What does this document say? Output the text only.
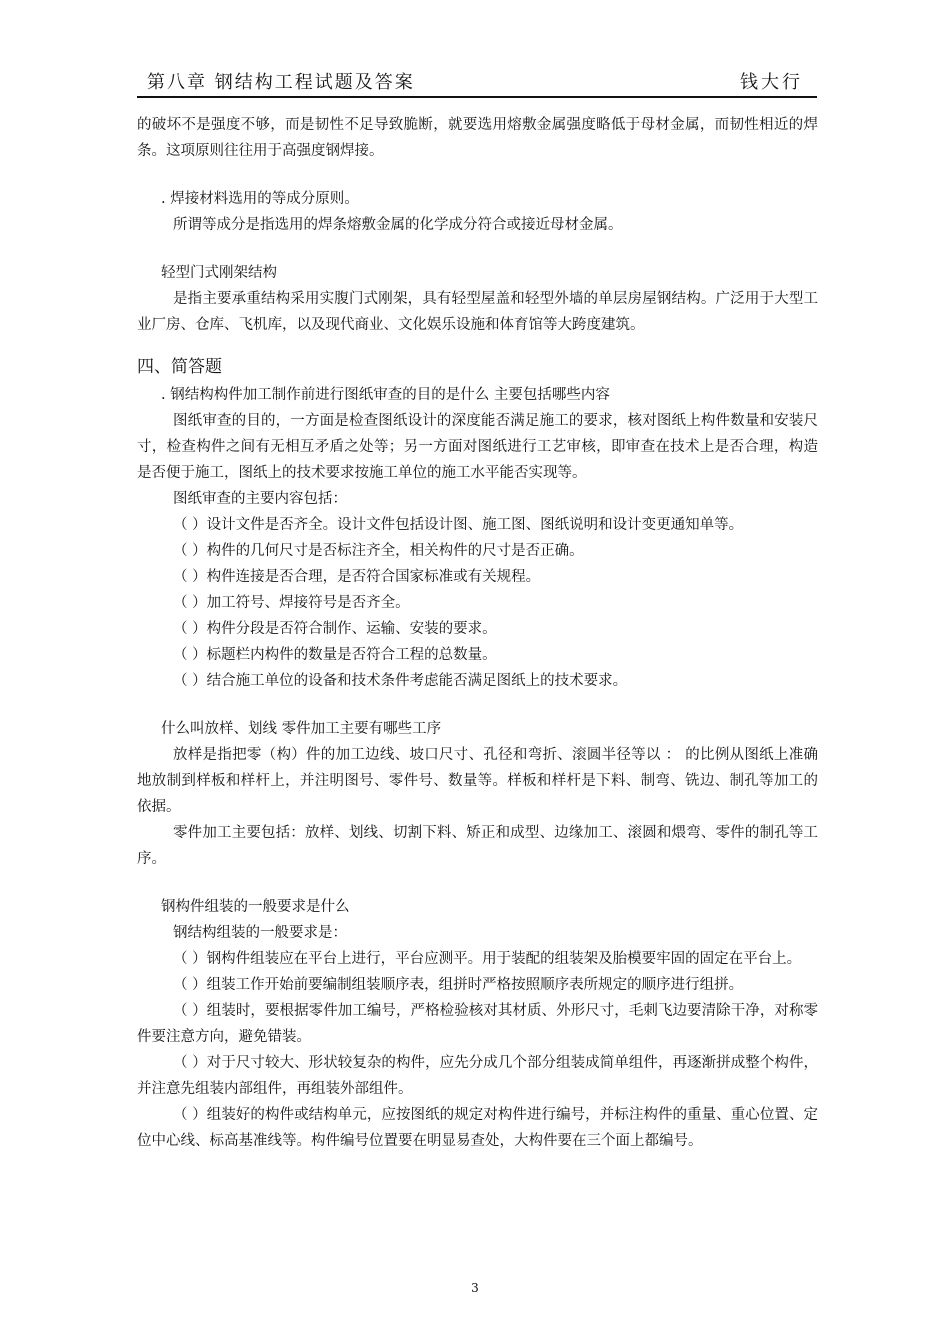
第八章 钢结构工程试题及答案	钱大行

的破坏不是强度不够，而是韧性不足导致脆断，就要选用熔敷金属强度略低于母材金属，而韧性相近的焊条。这项原则往往用于高强度钢焊接。

. 焊接材料选用的等成分原则。

所谓等成分是指选用的焊条熔敷金属的化学成分符合或接近母材金属。

轻型门式刚架结构

是指主要承重结构采用实腹门式刚架，具有轻型屋盖和轻型外墙的单层房屋钢结构。广泛用于大型工业厂房、仓库、飞机库，以及现代商业、文化娱乐设施和体育馆等大跨度建筑。

四、简答题

. 钢结构构件加工制作前进行图纸审查的目的是什么 主要包括哪些内容

图纸审查的目的，一方面是检查图纸设计的深度能否满足施工的要求，核对图纸上构件数量和安装尺寸，检查构件之间有无相互矛盾之处等；另一方面对图纸进行工艺审核，即审查在技术上是否合理，构造是否便于施工，图纸上的技术要求按施工单位的施工水平能否实现等。

图纸审查的主要内容包括：

（ ）设计文件是否齐全。设计文件包括设计图、施工图、图纸说明和设计变更通知单等。

（ ）构件的几何尺寸是否标注齐全，相关构件的尺寸是否正确。

（ ）构件连接是否合理，是否符合国家标准或有关规程。

（ ）加工符号、焊接符号是否齐全。

（ ）构件分段是否符合制作、运输、安装的要求。

（ ）标题栏内构件的数量是否符合工程的总数量。

（ ）结合施工单位的设备和技术条件考虑能否满足图纸上的技术要求。

什么叫放样、划线 零件加工主要有哪些工序

放样是指把零（构）件的加工边线、坡口尺寸、孔径和弯折、滚圆半径等以 ： 的比例从图纸上准确地放制到样板和样杆上，并注明图号、零件号、数量等。样板和样杆是下料、制弯、铣边、制孔等加工的依据。

零件加工主要包括：放样、划线、切割下料、矫正和成型、边缘加工、滚圆和煨弯、零件的制孔等工序。

钢构件组装的一般要求是什么

钢结构组装的一般要求是：

（ ）钢构件组装应在平台上进行，平台应测平。用于装配的组装架及胎模要牢固的固定在平台上。

（ ）组装工作开始前要编制组装顺序表，组拼时严格按照顺序表所规定的顺序进行组拼。

（ ）组装时，要根据零件加工编号，严格检验核对其材质、外形尺寸，毛刺飞边要清除干净，对称零件要注意方向，避免错装。

（ ）对于尺寸较大、形状较复杂的构件，应先分成几个部分组装成简单组件，再逐渐拼成整个构件，并注意先组装内部组件，再组装外部组件。

（ ）组装好的构件或结构单元，应按图纸的规定对构件进行编号，并标注构件的重量、重心位置、定位中心线、标高基准线等。构件编号位置要在明显易查处，大构件要在三个面上都编号。

3
